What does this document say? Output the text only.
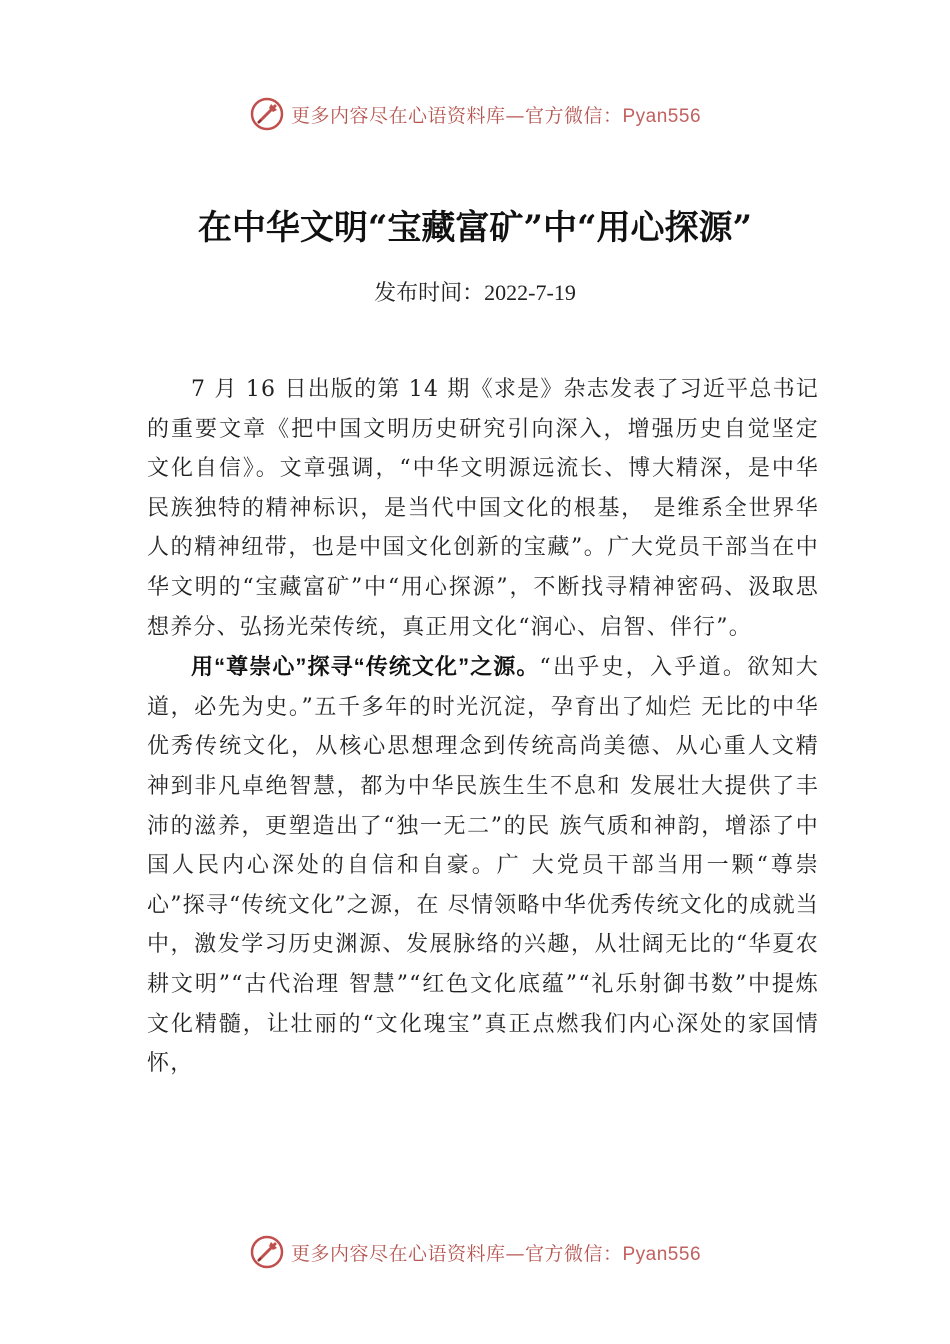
更多内容尽在心语资料库—官方微信：Pyan556
在中华文明“宝藏富矿”中“用心探源”
发布时间：2022-7-19

7 月 16 日出版的第 14 期《求是》杂志发表了习近平总书记的重要文章《把中国文明历史研究引向深入，增强历史自觉坚定文化自信》。文章强调，“中华文明源远流长、博大精深，是中华民族独特的精神标识，是当代中国文化的根基， 是维系全世界华人的精神纽带，也是中国文化创新的宝藏”。广大党员干部当在中华文明的“宝藏富矿”中“用心探源”，不断找寻精神密码、汲取思想养分、弘扬光荣传统，真正用文化“润心、启智、伴行”。

用“尊崇心”探寻“传统文化”之源。“出乎史，入乎道。欲知大道，必先为史。”五千多年的时光沉淀，孕育出了灿烂 无比的中华优秀传统文化，从核心思想理念到传统高尚美德、从心重人文精神到非凡卓绝智慧，都为中华民族生生不息和 发展壮大提供了丰沛的滋养，更塑造出了“独一无二”的民 族气质和神韵，增添了中国人民内心深处的自信和自豪。广 大党员干部当用一颗“尊崇心”探寻“传统文化”之源，在 尽情领略中华优秀传统文化的成就当中，激发学习历史渊源、发展脉络的兴趣，从壮阔无比的“华夏农耕文明”“古代治理 智慧”“红色文化底蕴”“礼乐射御书数”中提炼文化精髓，让壮丽的“文化瑰宝”真正点燃我们内心深处的家国情怀，

更多内容尽在心语资料库—官方微信：Pyan556
